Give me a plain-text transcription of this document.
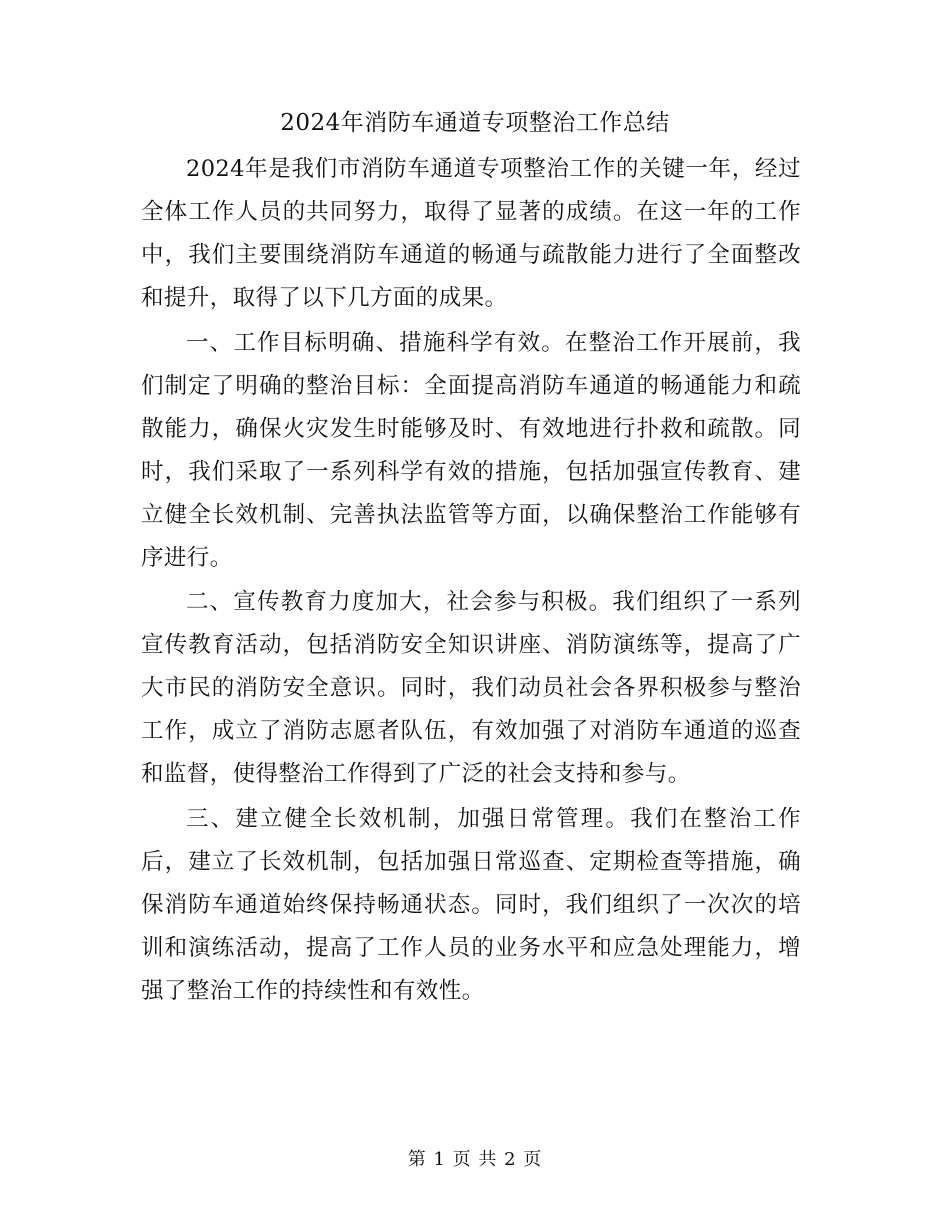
2024年消防车通道专项整治工作总结

2024年是我们市消防车通道专项整治工作的关键一年，经过全体工作人员的共同努力，取得了显著的成绩。在这一年的工作中，我们主要围绕消防车通道的畅通与疏散能力进行了全面整改和提升，取得了以下几方面的成果。

一、工作目标明确、措施科学有效。在整治工作开展前，我们制定了明确的整治目标：全面提高消防车通道的畅通能力和疏散能力，确保火灾发生时能够及时、有效地进行扑救和疏散。同时，我们采取了一系列科学有效的措施，包括加强宣传教育、建立健全长效机制、完善执法监管等方面，以确保整治工作能够有序进行。

二、宣传教育力度加大，社会参与积极。我们组织了一系列宣传教育活动，包括消防安全知识讲座、消防演练等，提高了广大市民的消防安全意识。同时，我们动员社会各界积极参与整治工作，成立了消防志愿者队伍，有效加强了对消防车通道的巡查和监督，使得整治工作得到了广泛的社会支持和参与。

三、建立健全长效机制，加强日常管理。我们在整治工作后，建立了长效机制，包括加强日常巡查、定期检查等措施，确保消防车通道始终保持畅通状态。同时，我们组织了一次次的培训和演练活动，提高了工作人员的业务水平和应急处理能力，增强了整治工作的持续性和有效性。

第 1 页 共 2 页
